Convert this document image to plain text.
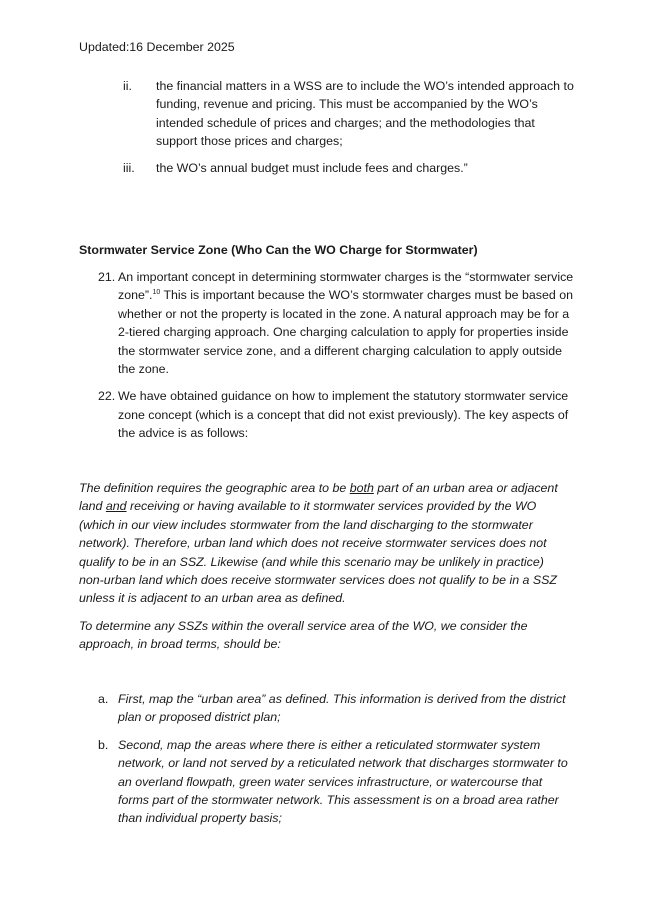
Updated:16 December 2025
ii.	the financial matters in a WSS are to include the WO’s intended approach to funding, revenue and pricing. This must be accompanied by the WO’s intended schedule of prices and charges; and the methodologies that support those prices and charges;
iii.	the WO’s annual budget must include fees and charges.”
Stormwater Service Zone (Who Can the WO Charge for Stormwater)
21. An important concept in determining stormwater charges is the “stormwater service zone”.$^{10}$ This is important because the WO’s stormwater charges must be based on whether or not the property is located in the zone. A natural approach may be for a 2-tiered charging approach. One charging calculation to apply for properties inside the stormwater service zone, and a different charging calculation to apply outside the zone.
22. We have obtained guidance on how to implement the statutory stormwater service zone concept (which is a concept that did not exist previously). The key aspects of the advice is as follows:
The definition requires the geographic area to be both part of an urban area or adjacent land and receiving or having available to it stormwater services provided by the WO (which in our view includes stormwater from the land discharging to the stormwater network). Therefore, urban land which does not receive stormwater services does not qualify to be in an SSZ. Likewise (and while this scenario may be unlikely in practice) non-urban land which does receive stormwater services does not qualify to be in a SSZ unless it is adjacent to an urban area as defined.
To determine any SSZs within the overall service area of the WO, we consider the approach, in broad terms, should be:
a. First, map the “urban area” as defined. This information is derived from the district plan or proposed district plan;
b. Second, map the areas where there is either a reticulated stormwater system network, or land not served by a reticulated network that discharges stormwater to an overland flowpath, green water services infrastructure, or watercourse that forms part of the stormwater network. This assessment is on a broad area rather than individual property basis;
